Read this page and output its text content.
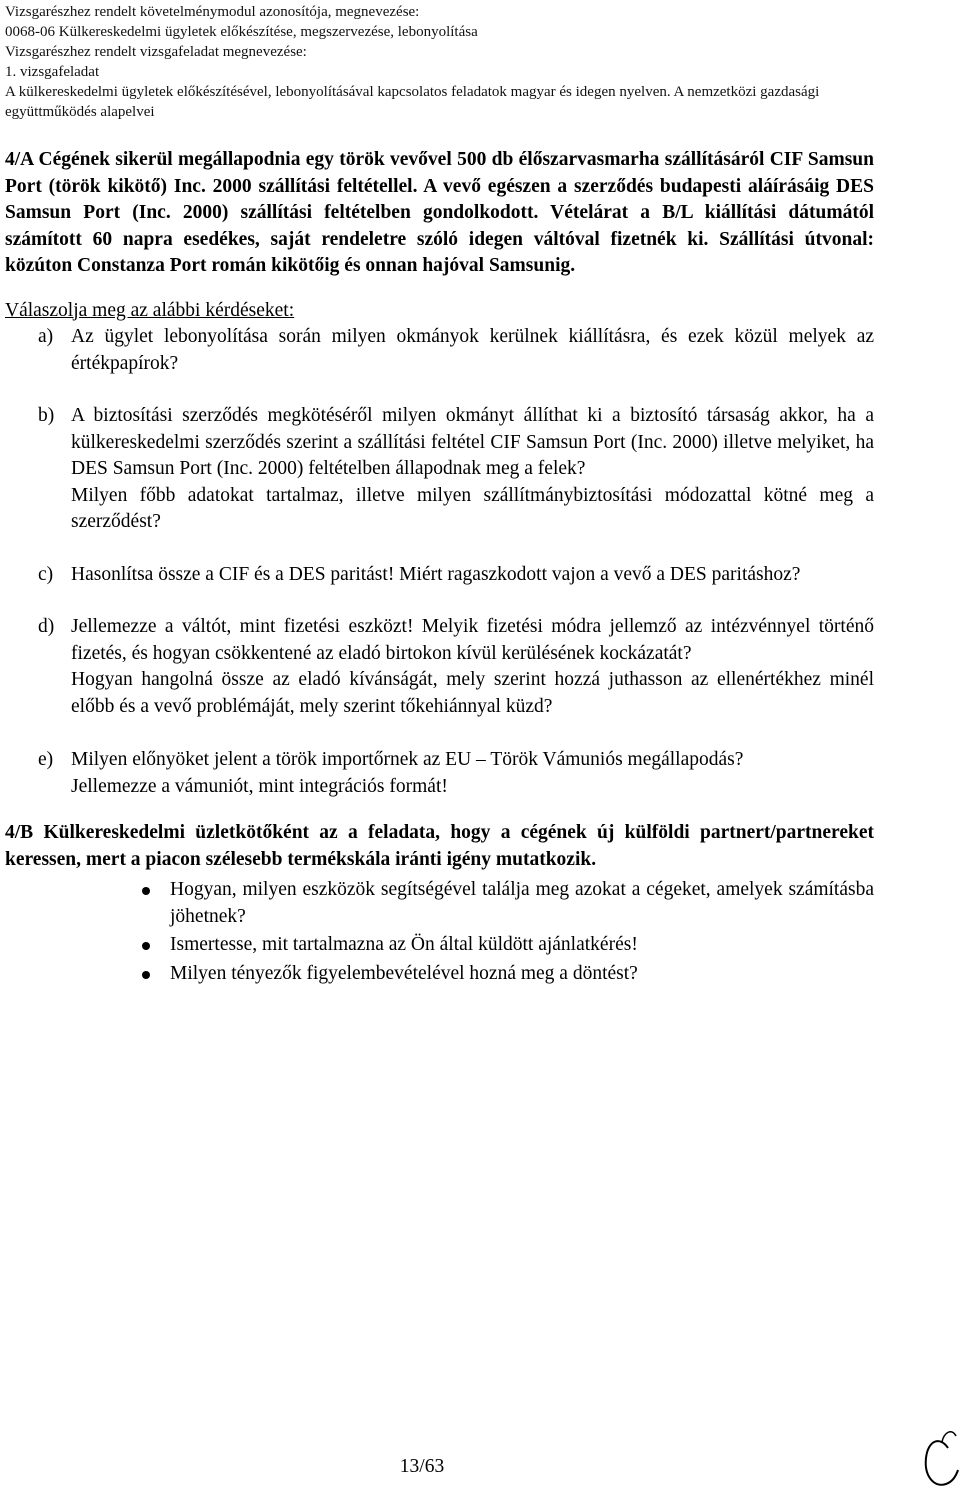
Vizsgarészhez rendelt követelménymodul azonosítója, megnevezése:
0068-06 Külkereskedelmi ügyletek előkészítése, megszervezése, lebonyolítása
Vizsgarészhez rendelt vizsgafeladat megnevezése:
1. vizsgafeladat
A külkereskedelmi ügyletek előkészítésével, lebonyolításával kapcsolatos feladatok magyar és idegen nyelven. A nemzetközi gazdasági
együttműködés alapelvei
4/A Cégének sikerül megállapodnia egy török vevővel 500 db élőszarvasmarha szállításáról CIF Samsun Port (török kikötő) Inc. 2000 szállítási feltétellel. A vevő egészen a szerződés budapesti aláírásáig DES Samsun Port (Inc. 2000) szállítási feltételben gondolkodott. Vételárat a B/L kiállítási dátumától számított 60 napra esedékes, saját rendeletre szóló idegen váltóval fizetnék ki. Szállítási útvonal: közúton Constanza Port román kikötőig és onnan hajóval Samsunig.
Válaszolja meg az alábbi kérdéseket:
a) Az ügylet lebonyolítása során milyen okmányok kerülnek kiállításra, és ezek közül melyek az értékpapírok?

b) A biztosítási szerződés megkötéséről milyen okmányt állíthat ki a biztosító társaság akkor, ha a külkereskedelmi szerződés szerint a szállítási feltétel CIF Samsun Port (Inc. 2000) illetve melyiket, ha DES Samsun Port (Inc. 2000) feltételben állapodnak meg a felek?

Milyen főbb adatokat tartalmaz, illetve milyen szállítmánybiztosítási módozattal kötné meg a szerződést?

c) Hasonlítsa össze a CIF és a DES paritást! Miért ragaszkodott vajon a vevő a DES paritáshoz?

d) Jellemezze a váltót, mint fizetési eszközt! Melyik fizetési módra jellemző az intézvénnyel történő fizetés, és hogyan csökkentené az eladó birtokon kívül kerülésének kockázatát?

Hogyan hangolná össze az eladó kívánságát, mely szerint hozzá juthasson az ellenértékhez minél előbb és a vevő problémáját, mely szerint tőkehiánnyal küzd?

e) Milyen előnyöket jelent a török importőrnek az EU – Török Vámuniós megállapodás?

Jellemezze a vámuniót, mint integrációs formát!

4/B Külkereskedelmi üzletkötőként az a feladata, hogy a cégének új külföldi partnert/partnereket keressen, mert a piacon szélesebb termékskála iránti igény mutatkozik.
Hogyan, milyen eszközök segítségével találja meg azokat a cégeket, amelyek számításba jöhetnek?
Ismertesse, mit tartalmazna az Ön által küldött ajánlatkérés!
Milyen tényezők figyelembevételével hozná meg a döntést?
13/63
